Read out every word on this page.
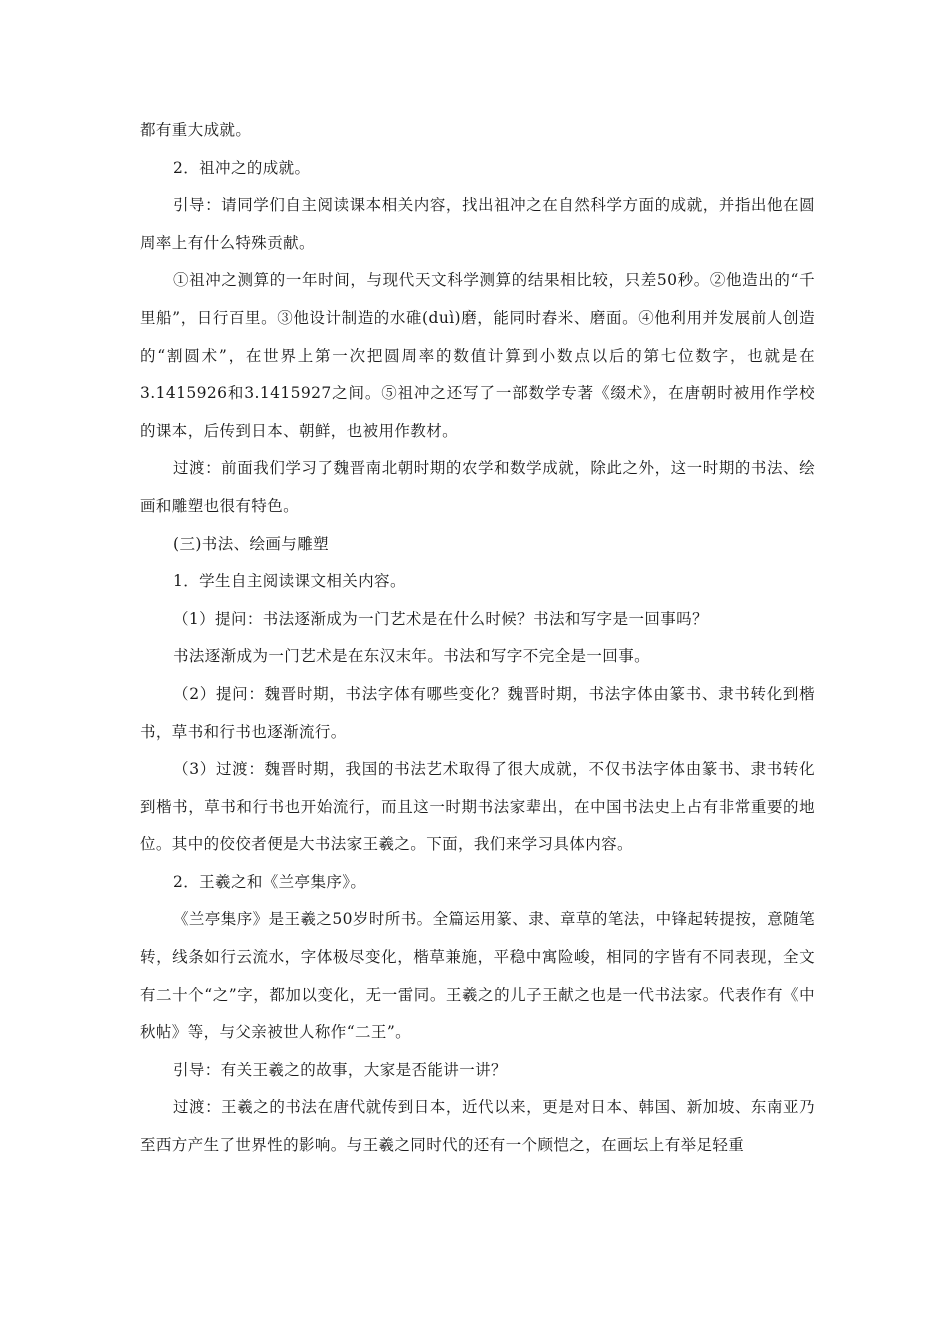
都有重大成就。

2．祖冲之的成就。

引导：请同学们自主阅读课本相关内容，找出祖冲之在自然科学方面的成就，并指出他在圆周率上有什么特殊贡献。

①祖冲之测算的一年时间，与现代天文科学测算的结果相比较，只差50秒。②他造出的“千里船”，日行百里。③他设计制造的水碓(duì)磨，能同时舂米、磨面。④他利用并发展前人创造的“割圆术”，在世界上第一次把圆周率的数值计算到小数点以后的第七位数字，也就是在3.1415926和3.1415927之间。⑤祖冲之还写了一部数学专著《缀术》，在唐朝时被用作学校的课本，后传到日本、朝鲜，也被用作教材。

过渡：前面我们学习了魏晋南北朝时期的农学和数学成就，除此之外，这一时期的书法、绘画和雕塑也很有特色。

(三)书法、绘画与雕塑

1．学生自主阅读课文相关内容。

（1）提问：书法逐渐成为一门艺术是在什么时候？书法和写字是一回事吗？

书法逐渐成为一门艺术是在东汉末年。书法和写字不完全是一回事。

（2）提问：魏晋时期，书法字体有哪些变化？魏晋时期，书法字体由篆书、隶书转化到楷书，草书和行书也逐渐流行。

（3）过渡：魏晋时期，我国的书法艺术取得了很大成就，不仅书法字体由篆书、隶书转化到楷书，草书和行书也开始流行，而且这一时期书法家辈出，在中国书法史上占有非常重要的地位。其中的佼佼者便是大书法家王羲之。下面，我们来学习具体内容。

2．王羲之和《兰亭集序》。

《兰亭集序》是王羲之50岁时所书。全篇运用篆、隶、章草的笔法，中锋起转提按，意随笔转，线条如行云流水，字体极尽变化，楷草兼施，平稳中寓险峻，相同的字皆有不同表现，全文有二十个“之”字，都加以变化，无一雷同。王羲之的儿子王献之也是一代书法家。代表作有《中秋帖》等，与父亲被世人称作“二王”。

引导：有关王羲之的故事，大家是否能讲一讲？

过渡：王羲之的书法在唐代就传到日本，近代以来，更是对日本、韩国、新加坡、东南亚乃至西方产生了世界性的影响。与王羲之同时代的还有一个顾恺之，在画坛上有举足轻重
